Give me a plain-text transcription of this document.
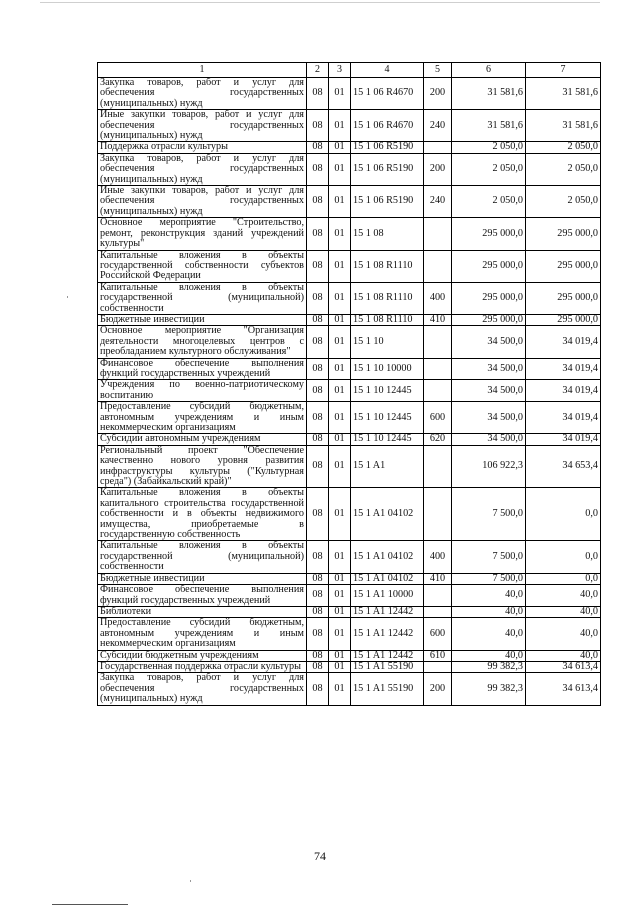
1	2	3	4	5	6	7
Закупка товаров, работ и услуг для обеспечения государственных (муниципальных) нужд	08	01	15 1 06 R4670	200	31 581,6	31 581,6
Иные закупки товаров, работ и услуг для обеспечения государственных (муниципальных) нужд	08	01	15 1 06 R4670	240	31 581,6	31 581,6
Поддержка отрасли культуры	08	01	15 1 06 R5190		2 050,0	2 050,0
Закупка товаров, работ и услуг для обеспечения государственных (муниципальных) нужд	08	01	15 1 06 R5190	200	2 050,0	2 050,0
Иные закупки товаров, работ и услуг для обеспечения государственных (муниципальных) нужд	08	01	15 1 06 R5190	240	2 050,0	2 050,0
Основное мероприятие "Строительство, ремонт, реконструкция зданий учреждений культуры"	08	01	15 1 08		295 000,0	295 000,0
Капитальные вложения в объекты государственной собственности субъектов Российской Федерации	08	01	15 1 08 R1110		295 000,0	295 000,0
Капитальные вложения в объекты государственной (муниципальной) собственности	08	01	15 1 08 R1110	400	295 000,0	295 000,0
Бюджетные инвестиции	08	01	15 1 08 R1110	410	295 000,0	295 000,0
Основное мероприятие "Организация деятельности многоцелевых центров с преобладанием культурного обслуживания"	08	01	15 1 10		34 500,0	34 019,4
Финансовое обеспечение выполнения функций государственных учреждений	08	01	15 1 10 10000		34 500,0	34 019,4
Учреждения по военно-патриотическому воспитанию	08	01	15 1 10 12445		34 500,0	34 019,4
Предоставление субсидий бюджетным, автономным учреждениям и иным некоммерческим организациям	08	01	15 1 10 12445	600	34 500,0	34 019,4
Субсидии автономным учреждениям	08	01	15 1 10 12445	620	34 500,0	34 019,4
Региональный проект "Обеспечение качественно нового уровня развития инфраструктуры культуры ("Культурная среда") (Забайкальский край)"	08	01	15 1 A1		106 922,3	34 653,4
Капитальные вложения в объекты капитального строительства государственной собственности и в объекты недвижимого имущества, приобретаемые в государственную собственность	08	01	15 1 A1 04102		7 500,0	0,0
Капитальные вложения в объекты государственной (муниципальной) собственности	08	01	15 1 A1 04102	400	7 500,0	0,0
Бюджетные инвестиции	08	01	15 1 A1 04102	410	7 500,0	0,0
Финансовое обеспечение выполнения функций государственных учреждений	08	01	15 1 A1 10000		40,0	40,0
Библиотеки	08	01	15 1 A1 12442		40,0	40,0
Предоставление субсидий бюджетным, автономным учреждениям и иным некоммерческим организациям	08	01	15 1 A1 12442	600	40,0	40,0
Субсидии бюджетным учреждениям	08	01	15 1 A1 12442	610	40,0	40,0
Государственная поддержка отрасли культуры	08	01	15 1 A1 55190		99 382,3	34 613,4
Закупка товаров, работ и услуг для обеспечения государственных (муниципальных) нужд	08	01	15 1 A1 55190	200	99 382,3	34 613,4
74
